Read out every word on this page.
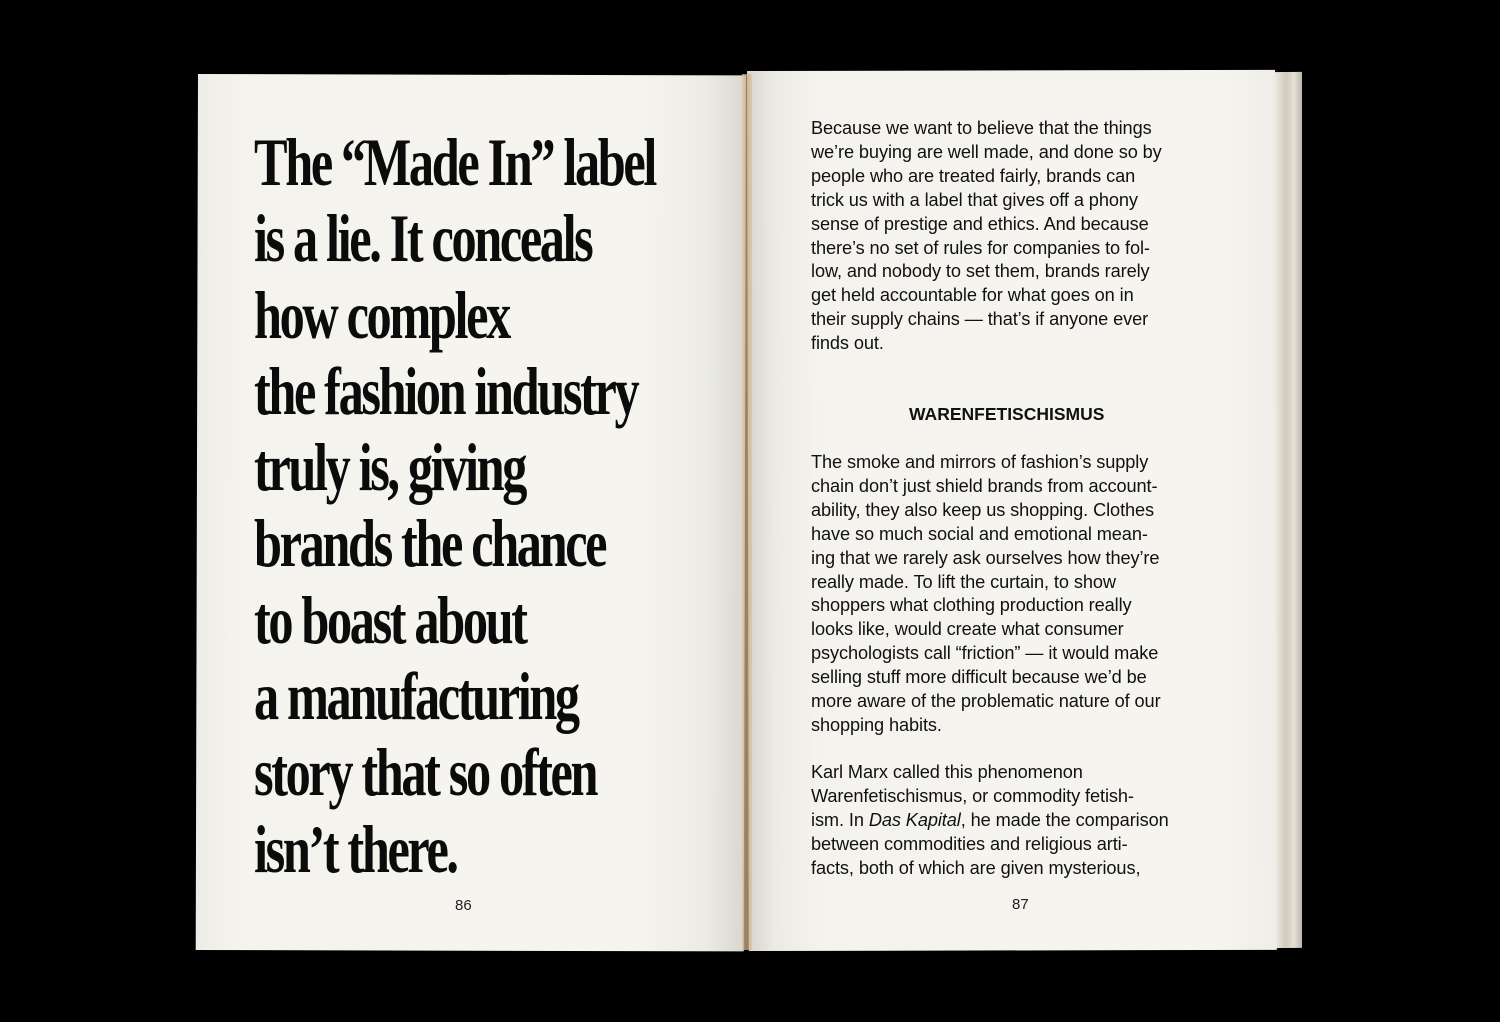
The “Made In” label
is a lie. It conceals
how complex
the fashion industry
truly is, giving
brands the chance
to boast about
a manufacturing
story that so often
isn’t there.
86
Because we want to believe that the things
we’re buying are well made, and done so by
people who are treated fairly, brands can
trick us with a label that gives off a phony
sense of prestige and ethics. And because
there’s no set of rules for companies to fol-
low, and nobody to set them, brands rarely
get held accountable for what goes on in
their supply chains — that’s if anyone ever
finds out.
WARENFETISCHISMUS
The smoke and mirrors of fashion’s supply
chain don’t just shield brands from account-
ability, they also keep us shopping. Clothes
have so much social and emotional mean-
ing that we rarely ask ourselves how they’re
really made. To lift the curtain, to show
shoppers what clothing production really
looks like, would create what consumer
psychologists call “friction” — it would make
selling stuff more difficult because we’d be
more aware of the problematic nature of our
shopping habits.
Karl Marx called this phenomenon
Warenfetischismus, or commodity fetish-
ism. In Das Kapital, he made the comparison
between commodities and religious arti-
facts, both of which are given mysterious,
87
